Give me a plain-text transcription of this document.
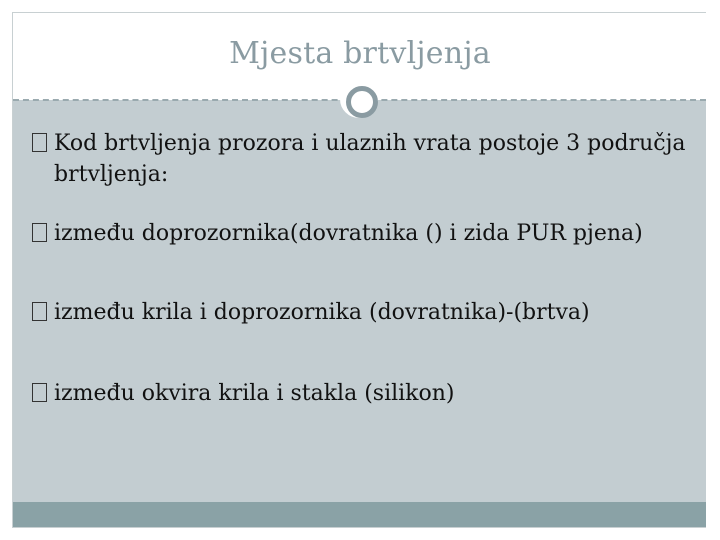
Mjesta brtvljenja
Kod brtvljenja prozora i ulaznih vrata postoje 3 područja brtvljenja:
između doprozornika(dovratnika () i zida PUR pjena)
između krila i doprozornika (dovratnika)-(brtva)
između okvira krila i stakla (silikon)
